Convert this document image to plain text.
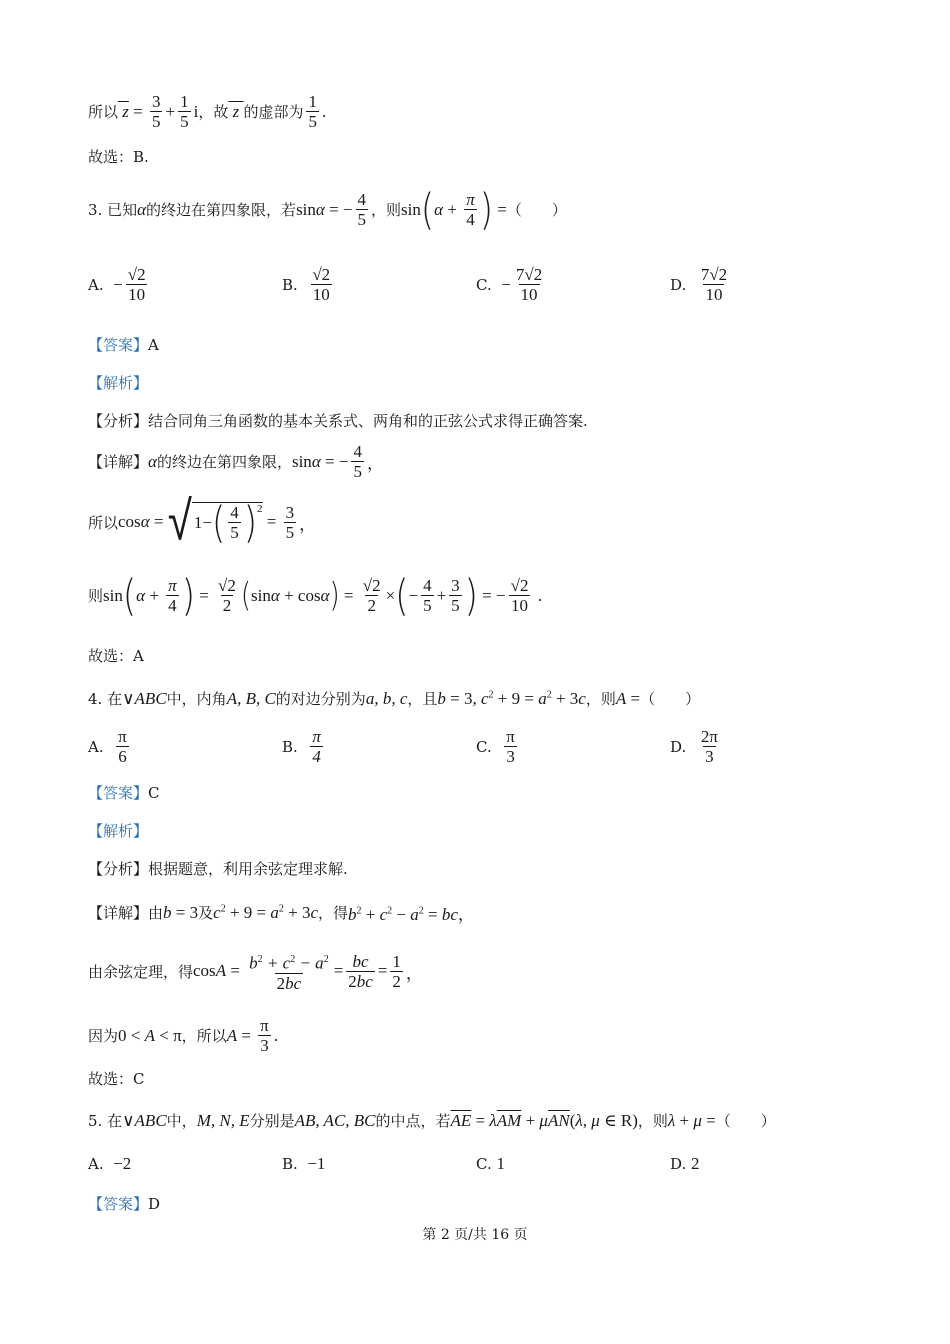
所以 $z = \frac{3}{5} + \frac{1}{5}$ i ，故 z 的虚部为
1
5
.
故选：B.
3.
已知 α 的终边在第四象限，若 sinα = − $\frac{4}{5}$ ，则 sin ( $\alpha + \frac{\pi}{4}$ ) = （　　）
A.
− $\frac{√2}{10}$	B.
$\frac{√2}{10}$	C.
− $\frac{7√2}{10}$	D.
$\frac{7√2}{10}$
【答案】 A
【解析】
【分析】 结合同角三角函数的基本关系式、两角和的正弦公式求得正确答案.
【详解】 α 的终边在第四象限， sinα = − $\frac{4}{5}$ ，
所以 cosα = √ 1− ( 4
5 )$^2$
= $\frac{3}{5}$ ，
则 sin ( $\alpha + \frac{\pi}{4}$ ) = $\frac{√2}{2}$ ( sinα + cosα ) = $\frac{√2}{2}$ × ( − $\frac{4}{5} + \frac{3}{5}$ ) = − $\frac{√2}{10}$ .
故选：A
4.
在 ∨ABC 中，内角 A, B, C 的对边分别为 a, b, c ，且 b = 3, $c^2 + 9 = a^2 + 3c$ ，则 A = （　　）
A.
$\frac{\pi}{6}$	B.
$\frac{\pi}{4}$	C.
$\frac{\pi}{3}$	D.
$\frac{2\pi}{3}$
【答案】 C
【解析】
【分析】 根据题意，利用余弦定理求解.
【详解】 由 b = 3 及 $c^2 + 9 = a^2 + 3c$ ，得 $b^2 + c^2 - a^2$ = bc，
由余弦定理，得 $\cos A = \frac{b^2 + c^2 - a^2}{2bc} = \frac{bc}{2bc} = \frac{1}{2}$ ，
因为 0 < A < π ，所以 $A = \frac{\pi}{3}$ .
故选：C
5.
在 ∨ABC 中， M, N, E 分别是 AB, AC, BC 的中点，若 $\overline{AE} = \lambda\overline{AM} + \mu\overline{AN}$ (λ, μ ∈ R) ，则 λ + μ = （　　）
A.
−2	B.
−1	C.
1	D.
2
【答案】 D
第 2 页/共 16 页
